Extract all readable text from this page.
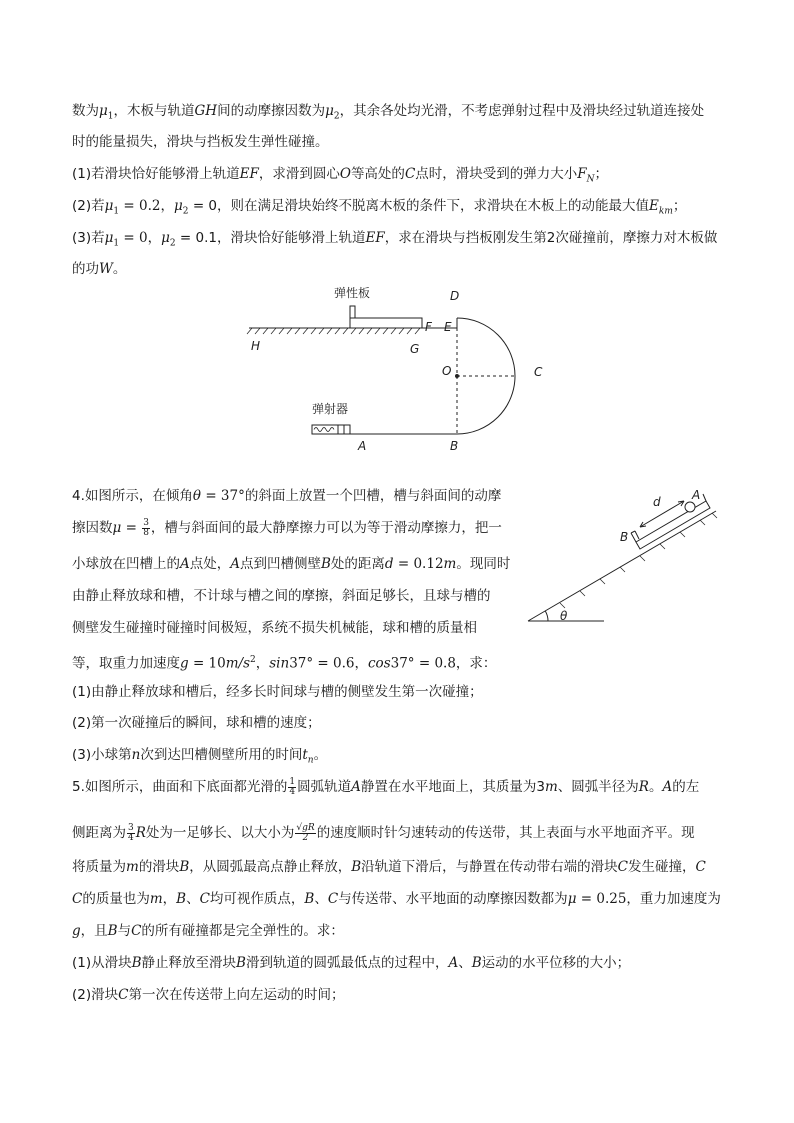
数为$\mu_1$，木板与轨道GH间的动摩擦因数为$\mu_2$，其余各处均光滑，不考虑弹射过程中及滑块经过轨道连接处
时的能量损失，滑块与挡板发生弹性碰撞。
(1)若滑块恰好能够滑上轨道EF，求滑到圆心O等高处的C点时，滑块受到的弹力大小$F_N$；
(2)若$\mu_1 = 0.2$，$\mu_2 = 0$，则在满足滑块始终不脱离木板的条件下，求滑块在木板上的动能最大值$E_{km}$；
(3)若$\mu_1 = 0$，$\mu_2 = 0.1$，滑块恰好能够滑上轨道EF，求在滑块与挡板刚发生第2次碰撞前，摩擦力对木板做
的功W。
弹性板
弹射器
H	G
F E
D
O	C
B
A
4.如图所示，在倾角θ = 37°的斜面上放置一个凹槽，槽与斜面间的动摩
擦因数$\mu = \frac{3}{8}$ ，槽与斜面间的最大静摩擦力可以为等于滑动摩擦力，把一
小球放在凹槽上的A点处，A点到凹槽侧壁B处的距离d = 0.12m。现同时
由静止释放球和槽，不计球与槽之间的摩擦，斜面足够长，且球与槽的
侧壁发生碰撞时碰撞时间极短，系统不损失机械能，球和槽的质量相
等，取重力加速度$g = 10m/s^2$，sin37° = 0.6，cos37° = 0.8，求：
(1)由静止释放球和槽后，经多长时间球与槽的侧壁发生第一次碰撞；
(2)第一次碰撞后的瞬间，球和槽的速度；
(3)小球第n次到达凹槽侧壁所用的时间$t_n$。
d	A
B
θ
5.如图所示，曲面和下底面都光滑的 $\frac{1}{4}$ 圆弧轨道A静置在水平地面上，其质量为3m、圆弧半径为R。A的左
侧距离为 $\frac{3}{4}$ R处为一足够长、以大小为 $\frac{√gR}{2}$ 的速度顺时针匀速转动的传送带，其上表面与水平地面齐平。现
将质量为m的滑块B，从圆弧最高点静止释放，B沿轨道下滑后，与静置在传动带右端的滑块C发生碰撞，C
C的质量也为m，B、C均可视作质点，B、C与传送带、水平地面的动摩擦因数都为μ = 0.25，重力加速度为
g，且B与C的所有碰撞都是完全弹性的。求：
(1)从滑块B静止释放至滑块B滑到轨道的圆弧最低点的过程中，A、B运动的水平位移的大小；
(2)滑块C第一次在传送带上向左运动的时间；
